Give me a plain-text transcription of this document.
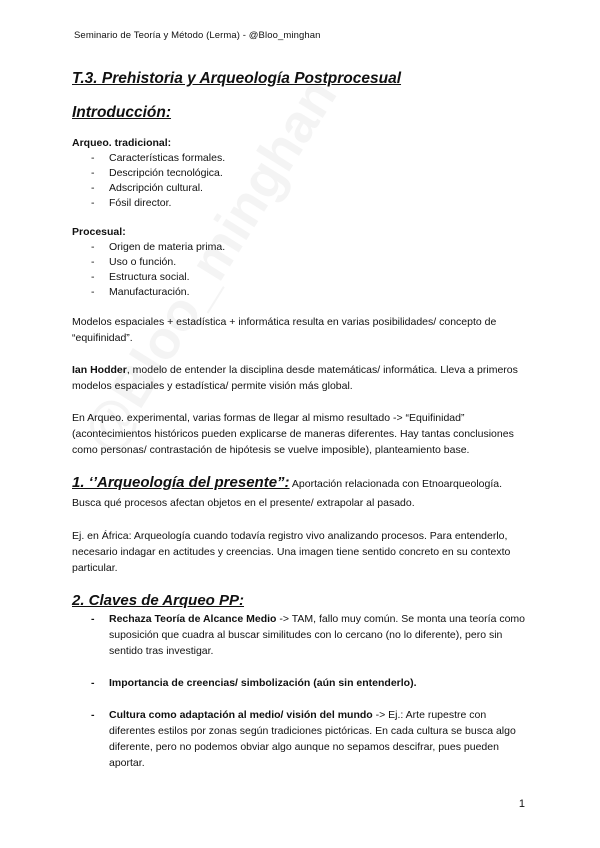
Seminario de Teoría y Método (Lerma) - @Bloo_minghan
T.3. Prehistoria y Arqueología Postprocesual
Introducción:

Arqueo. tradicional:

- Características formales.
- Descripción tecnológica.
- Adscripción cultural.
- Fósil director.

Procesual:

- Origen de materia prima.
- Uso o función.
- Estructura social.
- Manufacturación.

Modelos espaciales + estadística + informática resulta en varias posibilidades/ concepto de “equifinidad”.

Ian Hodder, modelo de entender la disciplina desde matemáticas/ informática. Lleva a primeros modelos espaciales y estadística/ permite visión más global.

En Arqueo. experimental, varias formas de llegar al mismo resultado -> “Equifinidad” (acontecimientos históricos pueden explicarse de maneras diferentes. Hay tantas conclusiones como personas/ contrastación de hipótesis se vuelve imposible), planteamiento base.

1. ‘’Arqueología del presente”: Aportación relacionada con Etnoarqueología. Busca qué procesos afectan objetos en el presente/ extrapolar al pasado.

Ej. en África: Arqueología cuando todavía registro vivo analizando procesos. Para entenderlo, necesario indagar en actitudes y creencias. Una imagen tiene sentido concreto en su contexto particular.

2. Claves de Arqueo PP:
- Rechaza Teoría de Alcance Medio -> TAM, fallo muy común. Se monta una teoría como suposición que cuadra al buscar similitudes con lo cercano (no lo diferente), pero sin sentido tras investigar.
- Importancia de creencias/ simbolización (aún sin entenderlo).
- Cultura como adaptación al medio/ visión del mundo -> Ej.: Arte rupestre con diferentes estilos por zonas según tradiciones pictóricas. En cada cultura se busca algo diferente, pero no podemos obviar algo aunque no sepamos descifrar, pues pueden aportar.
1
